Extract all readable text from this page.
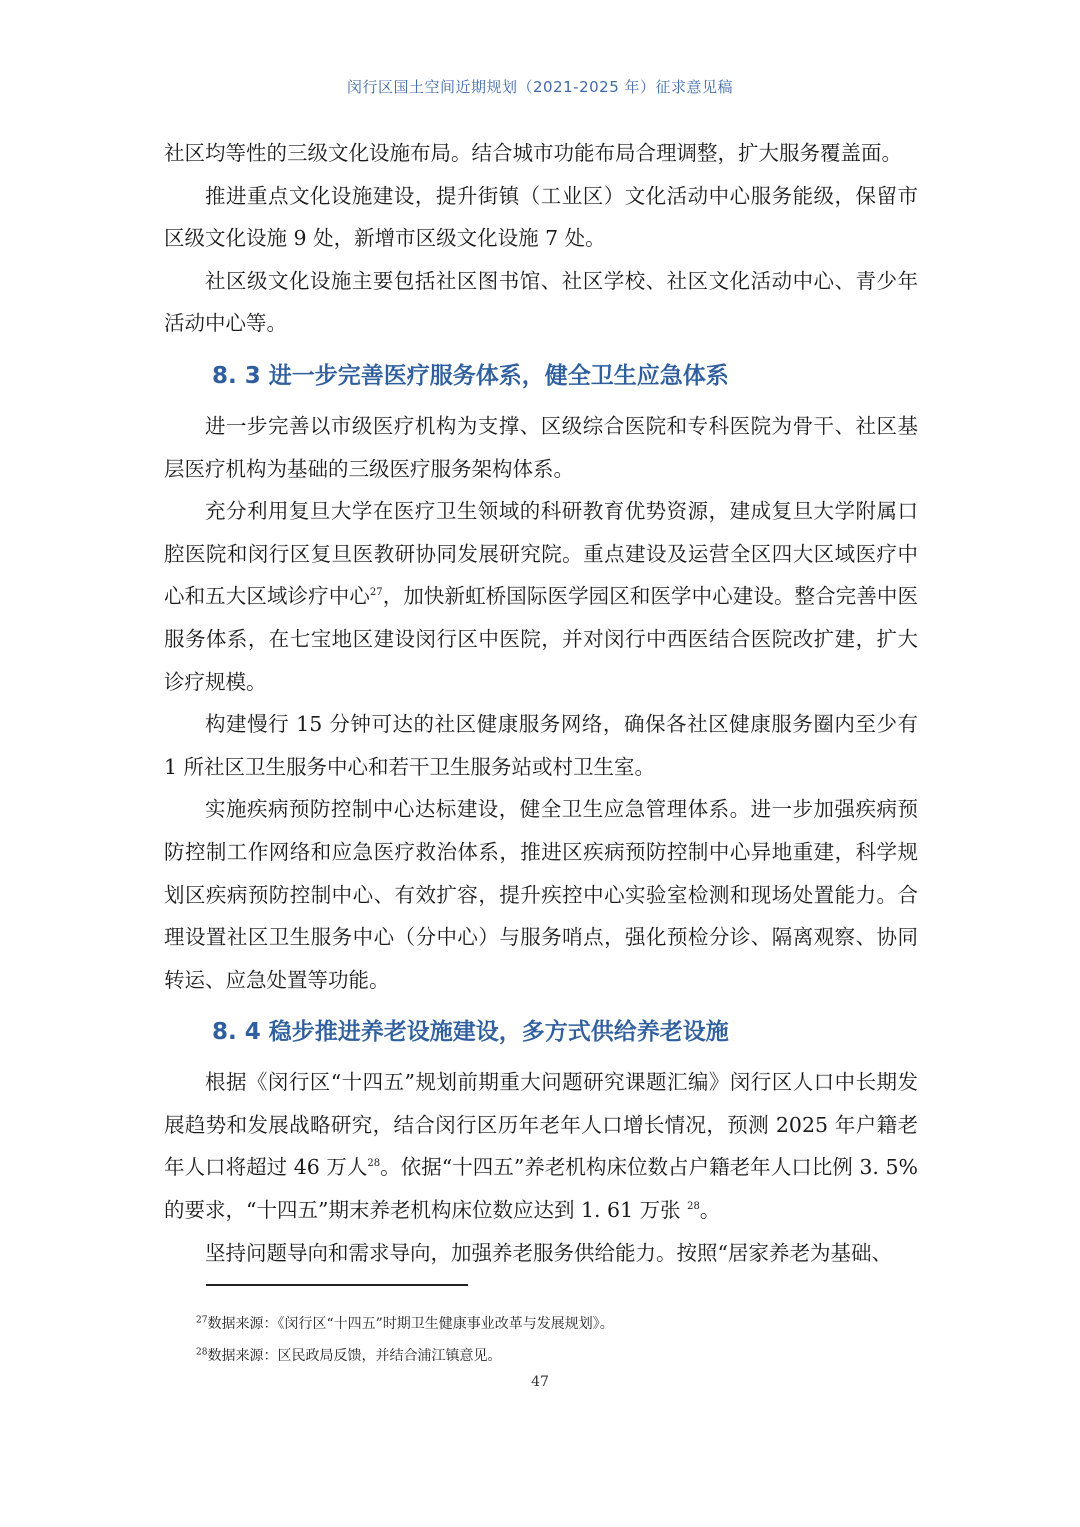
闵行区国土空间近期规划（2021-2025 年）征求意见稿

社区均等性的三级文化设施布局。结合城市功能布局合理调整，扩大服务覆盖面。

推进重点文化设施建设，提升街镇（工业区）文化活动中心服务能级，保留市区级文化设施 9 处，新增市区级文化设施 7 处。

社区级文化设施主要包括社区图书馆、社区学校、社区文化活动中心、青少年活动中心等。

8. 3 进一步完善医疗服务体系，健全卫生应急体系

进一步完善以市级医疗机构为支撑、区级综合医院和专科医院为骨干、社区基层医疗机构为基础的三级医疗服务架构体系。

充分利用复旦大学在医疗卫生领域的科研教育优势资源，建成复旦大学附属口腔医院和闵行区复旦医教研协同发展研究院。重点建设及运营全区四大区域医疗中心和五大区域诊疗中心$^{27}$，加快新虹桥国际医学园区和医学中心建设。整合完善中医服务体系，在七宝地区建设闵行区中医院，并对闵行中西医结合医院改扩建，扩大诊疗规模。

构建慢行 15 分钟可达的社区健康服务网络，确保各社区健康服务圈内至少有 1 所社区卫生服务中心和若干卫生服务站或村卫生室。

实施疾病预防控制中心达标建设，健全卫生应急管理体系。进一步加强疾病预防控制工作网络和应急医疗救治体系，推进区疾病预防控制中心异地重建，科学规划区疾病预防控制中心、有效扩容，提升疾控中心实验室检测和现场处置能力。合理设置社区卫生服务中心（分中心）与服务哨点，强化预检分诊、隔离观察、协同转运、应急处置等功能。

8. 4 稳步推进养老设施建设，多方式供给养老设施

根据《闵行区“十四五”规划前期重大问题研究课题汇编》闵行区人口中长期发展趋势和发展战略研究，结合闵行区历年老年人口增长情况，预测 2025 年户籍老年人口将超过 46 万人$^{28}$。依据“十四五”养老机构床位数占户籍老年人口比例 3. 5%的要求，“十四五”期末养老机构床位数应达到 1. 61 万张 $^{28}$。

坚持问题导向和需求导向，加强养老服务供给能力。按照“居家养老为基础、

$^{27}$数据来源：《闵行区“十四五”时期卫生健康事业改革与发展规划》。
$^{28}$数据来源：区民政局反馈，并结合浦江镇意见。
47
